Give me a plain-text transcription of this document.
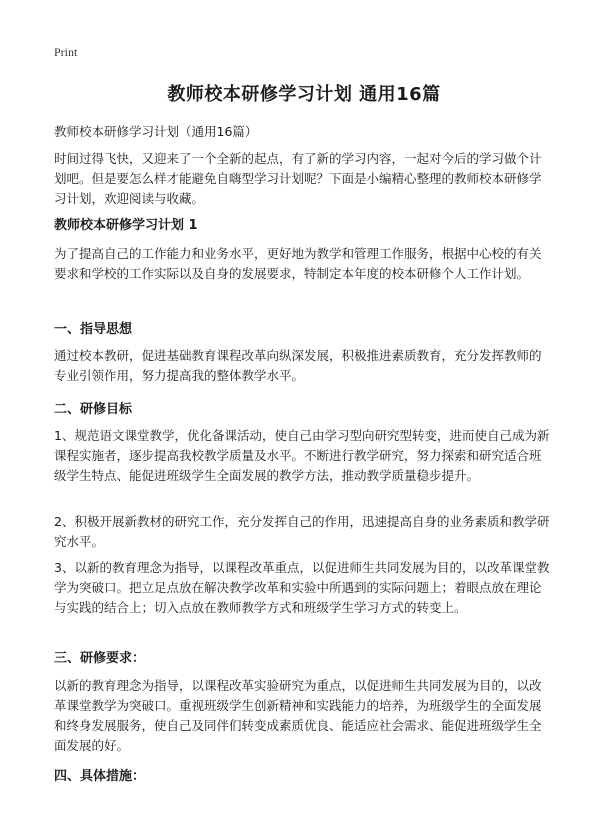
Print
教师校本研修学习计划 通用16篇
教师校本研修学习计划（通用16篇）

时间过得飞快，又迎来了一个全新的起点，有了新的学习内容，一起对今后的学习做个计划吧。但是要怎么样才能避免自嗨型学习计划呢？下面是小编精心整理的教师校本研修学习计划，欢迎阅读与收藏。

教师校本研修学习计划 1

为了提高自己的工作能力和业务水平，更好地为教学和管理工作服务，根据中心校的有关要求和学校的工作实际以及自身的发展要求，特制定本年度的校本研修个人工作计划。

一、指导思想

通过校本教研，促进基础教育课程改革向纵深发展，积极推进素质教育，充分发挥教师的专业引领作用，努力提高我的整体教学水平。

二、研修目标

1、规范语文课堂教学，优化备课活动，使自己由学习型向研究型转变，进而使自己成为新课程实施者，逐步提高我校教学质量及水平。不断进行教学研究，努力探索和研究适合班级学生特点、能促进班级学生全面发展的教学方法，推动教学质量稳步提升。

2、积极开展新教材的研究工作，充分发挥自己的作用，迅速提高自身的业务素质和教学研究水平。

3、以新的教育理念为指导，以课程改革重点，以促进师生共同发展为目的，以改革课堂教学为突破口。把立足点放在解决教学改革和实验中所遇到的实际问题上；着眼点放在理论与实践的结合上；切入点放在教师教学方式和班级学生学习方式的转变上。

三、研修要求：

以新的教育理念为指导，以课程改革实验研究为重点，以促进师生共同发展为目的，以改革课堂教学为突破口。重视班级学生创新精神和实践能力的培养，为班级学生的全面发展和终身发展服务，使自己及同伴们转变成素质优良、能适应社会需求、能促进班级学生全面发展的好。

四、具体措施：
